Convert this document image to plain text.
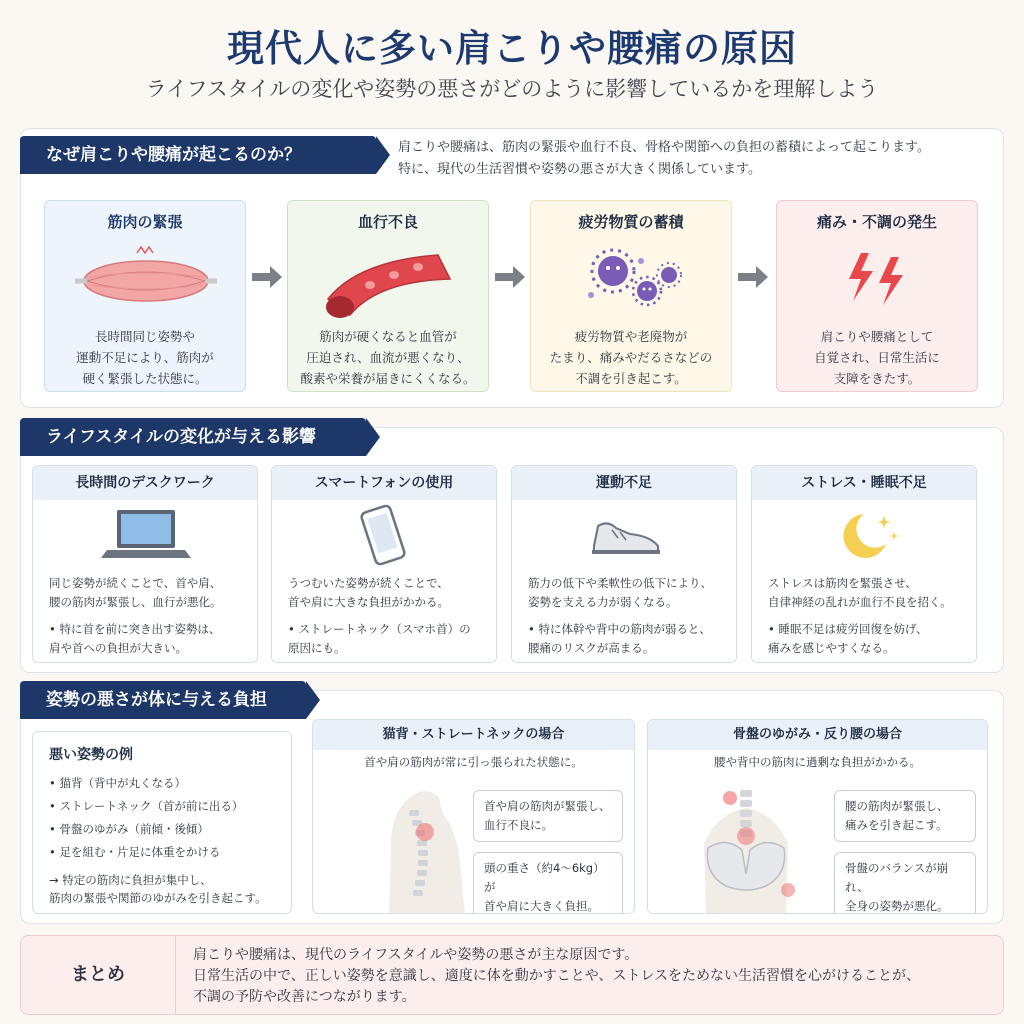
現代人に多い肩こりや腰痛の原因
ライフスタイルの変化や姿勢の悪さがどのように影響しているかを理解しよう
なぜ肩こりや腰痛が起こるのか？	肩こりや腰痛は、筋肉の緊張や血行不良、骨格や関節への負担の蓄積によって起こります。
特に、現代の生活習慣や姿勢の悪さが大きく関係しています。
筋肉の緊張
長時間同じ姿勢や
運動不足により、筋肉が
硬く緊張した状態に。
血行不良
筋肉が硬くなると血管が
圧迫され、血流が悪くなり、
酸素や栄養が届きにくくなる。
疲労物質の蓄積
疲労物質や老廃物が
たまり、痛みやだるさなどの
不調を引き起こす。
痛み・不調の発生
肩こりや腰痛として
自覚され、日常生活に
支障をきたす。
ライフスタイルの変化が与える影響
長時間のデスクワーク
同じ姿勢が続くことで、首や肩、
腰の筋肉が緊張し、血行が悪化。
• 特に首を前に突き出す姿勢は、
肩や首への負担が大きい。
スマートフォンの使用
うつむいた姿勢が続くことで、
首や肩に大きな負担がかかる。
• ストレートネック（スマホ首）の
原因にも。
運動不足
筋力の低下や柔軟性の低下により、
姿勢を支える力が弱くなる。
• 特に体幹や背中の筋肉が弱ると、
腰痛のリスクが高まる。
ストレス・睡眠不足
ストレスは筋肉を緊張させ、
自律神経の乱れが血行不良を招く。
• 睡眠不足は疲労回復を妨げ、
痛みを感じやすくなる。
姿勢の悪さが体に与える負担
悪い姿勢の例
• 猫背（背中が丸くなる）
• ストレートネック（首が前に出る）
• 骨盤のゆがみ（前傾・後傾）
• 足を組む・片足に体重をかける
→ 特定の筋肉に負担が集中し、
筋肉の緊張や関節のゆがみを引き起こす。
猫背・ストレートネックの場合
首や肩の筋肉が常に引っ張られた状態に。
首や肩の筋肉が緊張し、
血行不良に。
頭の重さ（約4〜6kg）が
首や肩に大きく負担。
骨盤のゆがみ・反り腰の場合
腰や背中の筋肉に過剰な負担がかかる。
腰の筋肉が緊張し、
痛みを引き起こす。
骨盤のバランスが崩れ、
全身の姿勢が悪化。
まとめ
肩こりや腰痛は、現代のライフスタイルや姿勢の悪さが主な原因です。
日常生活の中で、正しい姿勢を意識し、適度に体を動かすことや、ストレスをためない生活習慣を心がけることが、
不調の予防や改善につながります。
